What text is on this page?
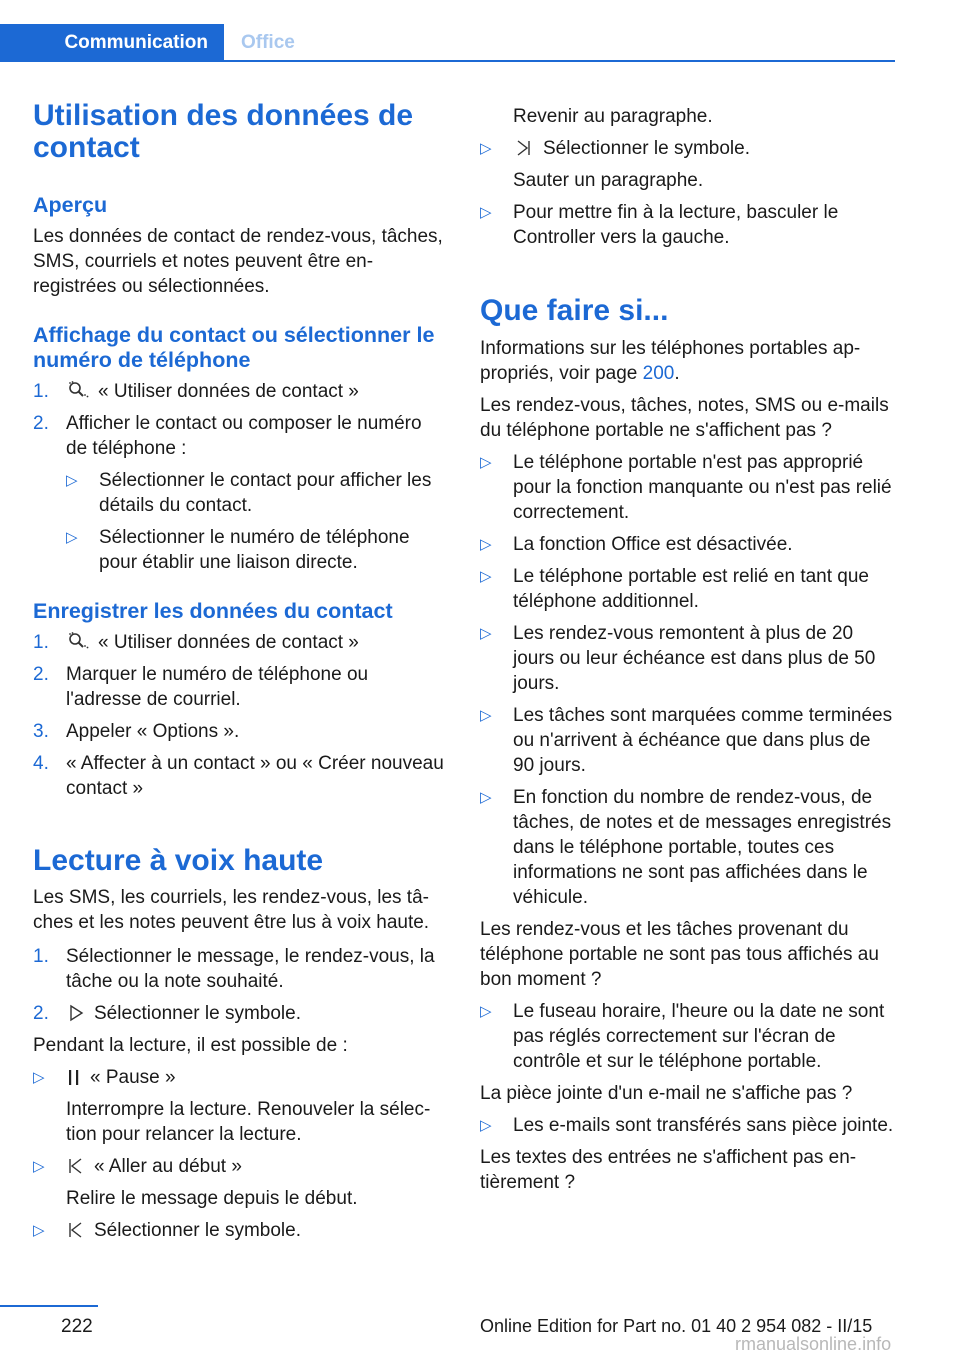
Communication	Office
Utilisation des données de contact
Aperçu

Les données de contact de rendez-vous, tâches, SMS, courriels et notes peuvent être enregistrées ou sélectionnées.

Affichage du contact ou sélectionner le numéro de téléphone
1.	« Utiliser données de contact »
2. Afficher le contact ou composer le numéro de téléphone :
▷	Sélectionner le contact pour afficher les détails du contact.
▷	Sélectionner le numéro de téléphone pour établir une liaison directe.
Enregistrer les données du contact
1.	« Utiliser données de contact »
2. Marquer le numéro de téléphone ou l'adresse de courriel.
3. Appeler « Options ».
4. « Affecter à un contact » ou « Créer nouveau contact »
Lecture à voix haute

Les SMS, les courriels, les rendez-vous, les tâches et les notes peuvent être lus à voix haute.

1. Sélectionner le message, le rendez-vous, la tâche ou la note souhaité.
2.	Sélectionner le symbole.

Pendant la lecture, il est possible de :

▷	« Pause »
Interrompre la lecture. Renouveler la sélection pour relancer la lecture.
▷	« Aller au début »
Relire le message depuis le début.
▷	Sélectionner le symbole.
Revenir au paragraphe.
▷	Sélectionner le symbole.
Sauter un paragraphe.
▷	Pour mettre fin à la lecture, basculer le Controller vers la gauche.
Que faire si...

Informations sur les téléphones portables appropriés, voir page 200.

Les rendez-vous, tâches, notes, SMS ou e-mails du téléphone portable ne s'affichent pas ?

▷	Le téléphone portable n'est pas approprié pour la fonction manquante ou n'est pas relié correctement.
▷	La fonction Office est désactivée.
▷	Le téléphone portable est relié en tant que téléphone additionnel.
▷	Les rendez-vous remontent à plus de 20 jours ou leur échéance est dans plus de 50 jours.
▷	Les tâches sont marquées comme terminées ou n'arrivent à échéance que dans plus de 90 jours.
▷	En fonction du nombre de rendez-vous, de tâches, de notes et de messages enregistrés dans le téléphone portable, toutes ces informations ne sont pas affichées dans le véhicule.

Les rendez-vous et les tâches provenant du téléphone portable ne sont pas tous affichés au bon moment ?

▷	Le fuseau horaire, l'heure ou la date ne sont pas réglés correctement sur l'écran de contrôle et sur le téléphone portable.

La pièce jointe d'un e-mail ne s'affiche pas ?

▷	Les e-mails sont transférés sans pièce jointe.

Les textes des entrées ne s'affichent pas entièrement ?

222	Online Edition for Part no. 01 40 2 954 082 - II/15
rmanualsonline.info
